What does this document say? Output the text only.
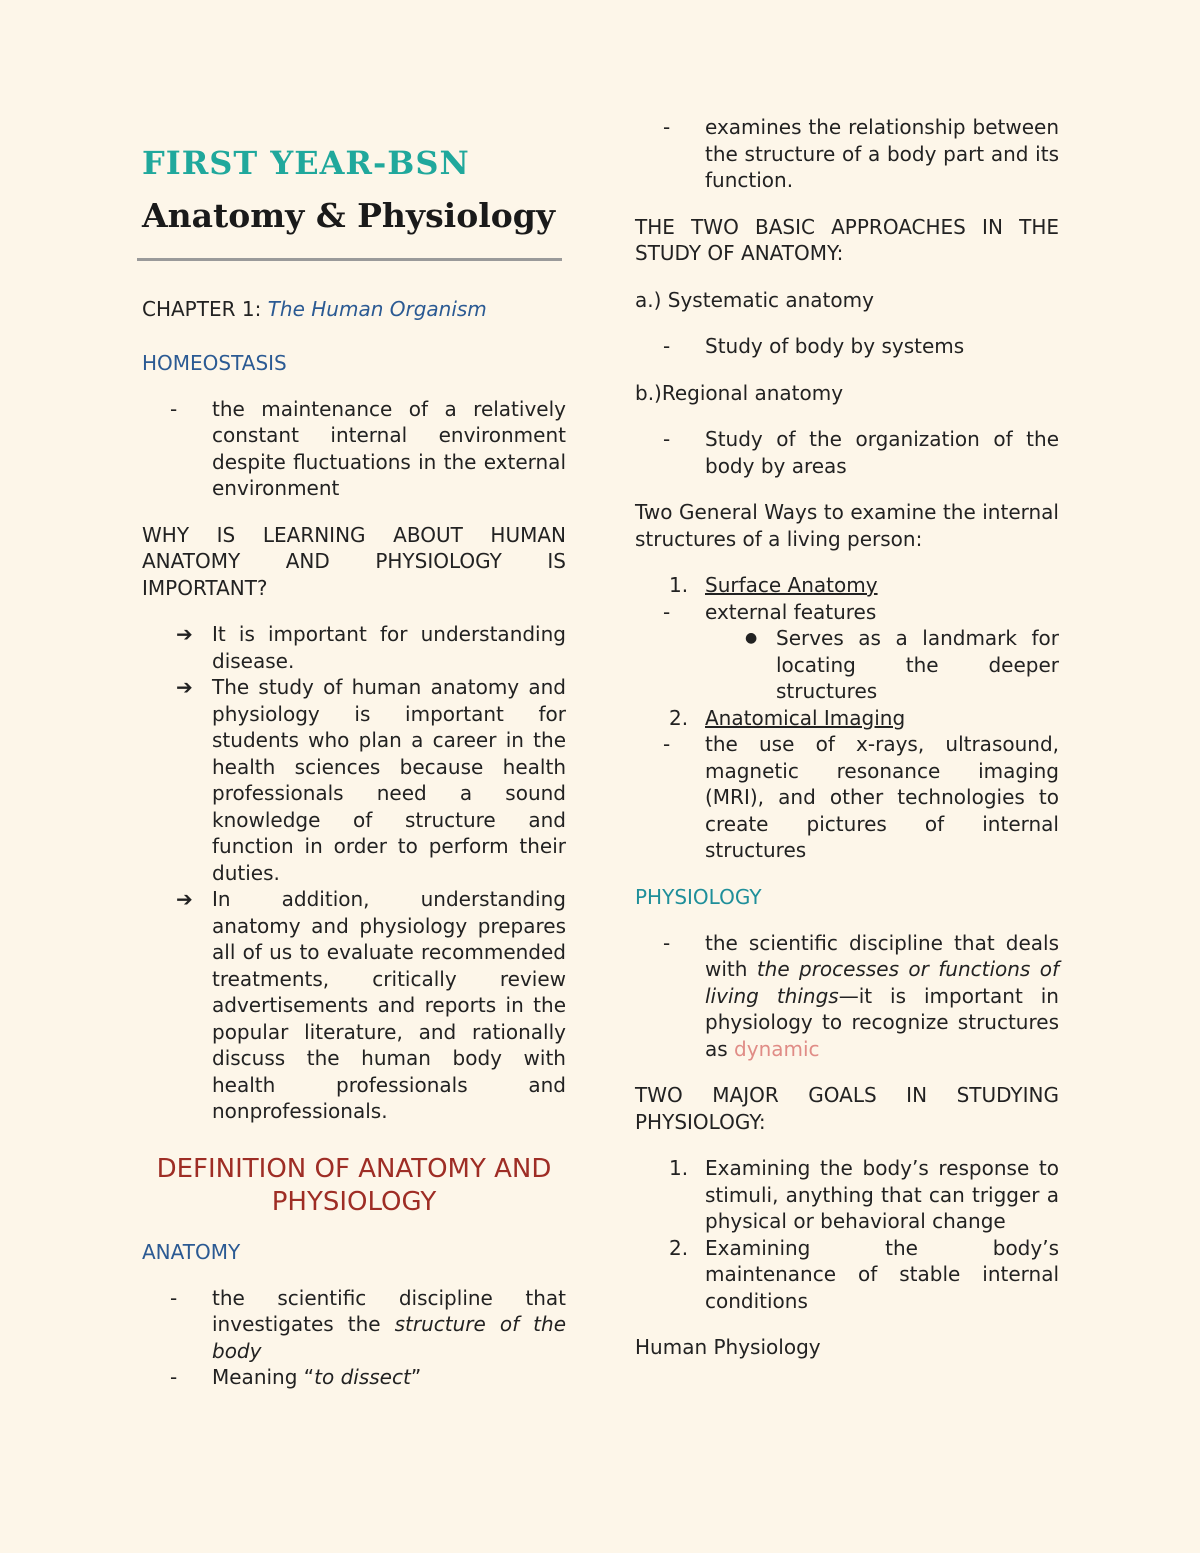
FIRST YEAR-BSN
Anatomy & Physiology

CHAPTER 1: The Human Organism

HOMEOSTASIS

- the maintenance of a relatively constant internal environment despite fluctuations in the external environment

WHY IS LEARNING ABOUT HUMAN ANATOMY AND PHYSIOLOGY IS IMPORTANT?

➔ It is important for understanding disease.
➔ The study of human anatomy and physiology is important for students who plan a career in the health sciences because health professionals need a sound knowledge of structure and function in order to perform their duties.
➔ In addition, understanding anatomy and physiology prepares all of us to evaluate recommended treatments, critically review advertisements and reports in the popular literature, and rationally discuss the human body with health professionals and nonprofessionals.
DEFINITION OF ANATOMY AND PHYSIOLOGY

ANATOMY

- the scientific discipline that investigates the structure of the body
- Meaning “to dissect”
- examines the relationship between the structure of a body part and its function.

THE TWO BASIC APPROACHES IN THE STUDY OF ANATOMY:

a.) Systematic anatomy

- Study of body by systems

b.)Regional anatomy

- Study of the organization of the body by areas

Two General Ways to examine the internal structures of a living person:

1. Surface Anatomy
- external features
● Serves as a landmark for locating the deeper structures
2. Anatomical Imaging
- the use of x-rays, ultrasound, magnetic resonance imaging (MRI), and other technologies to create pictures of internal structures

PHYSIOLOGY

- the scientific discipline that deals with the processes or functions of living things—it is important in physiology to recognize structures as dynamic

TWO MAJOR GOALS IN STUDYING PHYSIOLOGY:

1. Examining the body’s response to stimuli, anything that can trigger a physical or behavioral change
2. Examining the body’s maintenance of stable internal conditions

Human Physiology
